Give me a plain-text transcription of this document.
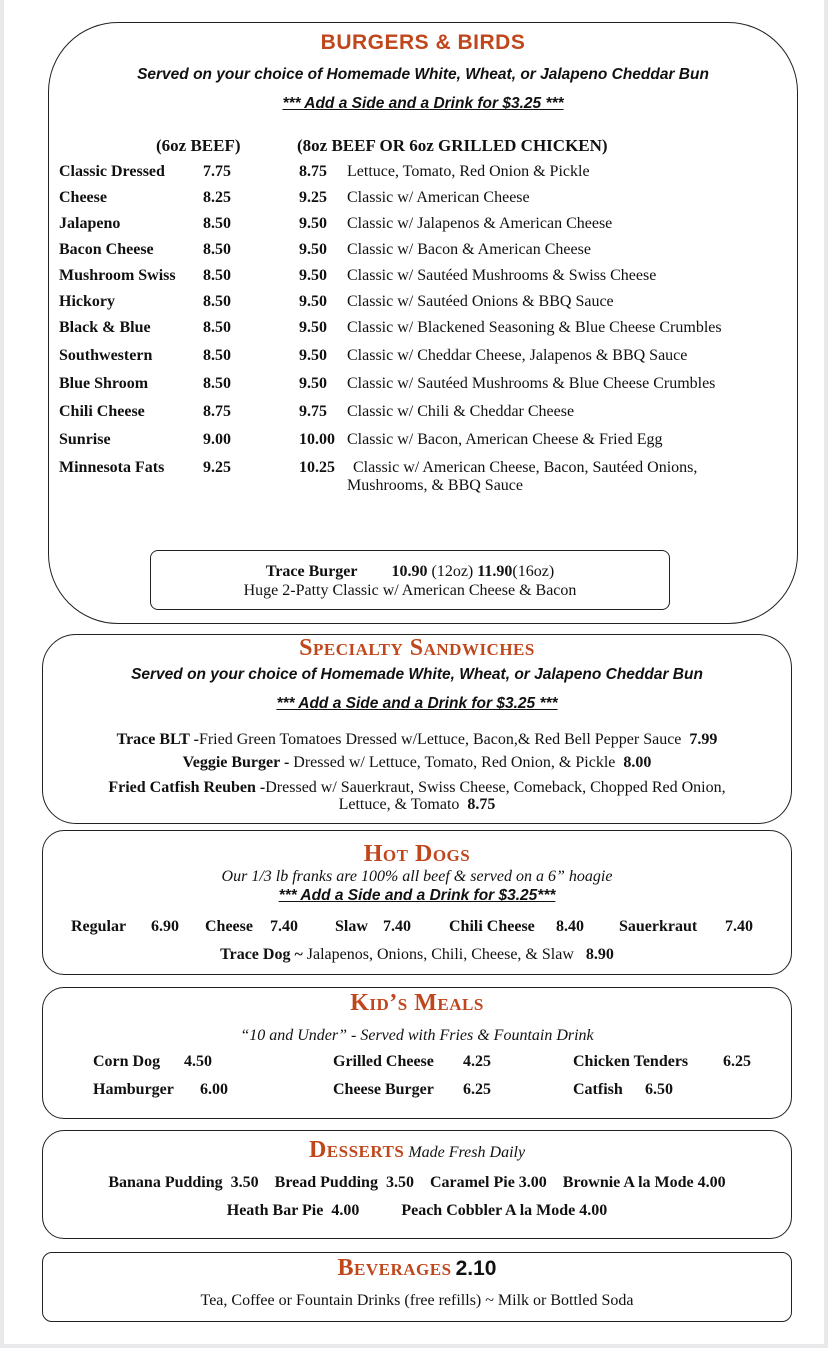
BURGERS & BIRDS
Served on your choice of Homemade White, Wheat, or Jalapeno Cheddar Bun
*** Add a Side and a Drink for $3.25 ***
(6oz BEEF)	(8oz BEEF OR 6oz GRILLED CHICKEN)
Classic Dressed 7.75	8.75 Lettuce, Tomato, Red Onion & Pickle
Cheese	8.25	9.25 Classic w/ American Cheese
Jalapeno	8.50	9.50 Classic w/ Jalapenos & American Cheese
Bacon Cheese	8.50	9.50 Classic w/ Bacon & American Cheese
Mushroom Swiss 8.50	9.50 Classic w/ Sautéed Mushrooms & Swiss Cheese
Hickory	8.50	9.50 Classic w/ Sautéed Onions & BBQ Sauce
Black & Blue	8.50	9.50 Classic w/ Blackened Seasoning & Blue Cheese Crumbles
Southwestern	8.50	9.50 Classic w/ Cheddar Cheese, Jalapenos & BBQ Sauce
Blue Shroom	8.50	9.50 Classic w/ Sautéed Mushrooms & Blue Cheese Crumbles
Chili Cheese	8.75	9.75 Classic w/ Chili & Cheddar Cheese
Sunrise	9.00	10.00 Classic w/ Bacon, American Cheese & Fried Egg
Minnesota Fats 9.25	10.25 Classic w/ American Cheese, Bacon, Sautéed Onions,
Mushrooms, & BBQ Sauce
Trace Burger 10.90 (12oz) 11.90(16oz)
Huge 2-Patty Classic w/ American Cheese & Bacon
Specialty Sandwiches
Served on your choice of Homemade White, Wheat, or Jalapeno Cheddar Bun
*** Add a Side and a Drink for $3.25 ***
Trace BLT -Fried Green Tomatoes Dressed w/Lettuce, Bacon,& Red Bell Pepper Sauce 7.99
Veggie Burger - Dressed w/ Lettuce, Tomato, Red Onion, & Pickle 8.00
Fried Catfish Reuben -Dressed w/ Sauerkraut, Swiss Cheese, Comeback, Chopped Red Onion,
Lettuce, & Tomato 8.75
Hot Dogs
Our 1/3 lb franks are 100% all beef & served on a 6” hoagie
*** Add a Side and a Drink for $3.25***
Regular 6.90 Cheese 7.40 Slaw 7.40 Chili Cheese 8.40 Sauerkraut 7.40
Trace Dog ~ Jalapenos, Onions, Chili, Cheese, & Slaw 8.90
Kid’s Meals
“10 and Under” - Served with Fries & Fountain Drink
Corn Dog 4.50	Grilled Cheese 4.25	Chicken Tenders 6.25
Hamburger 6.00	Cheese Burger 6.25	Catfish 6.50
Desserts Made Fresh Daily
Banana Pudding 3.50 Bread Pudding 3.50 Caramel Pie 3.00 Brownie A la Mode 4.00
Heath Bar Pie 4.00	Peach Cobbler A la Mode 4.00
Beverages 2.10
Tea, Coffee or Fountain Drinks (free refills) ~ Milk or Bottled Soda
